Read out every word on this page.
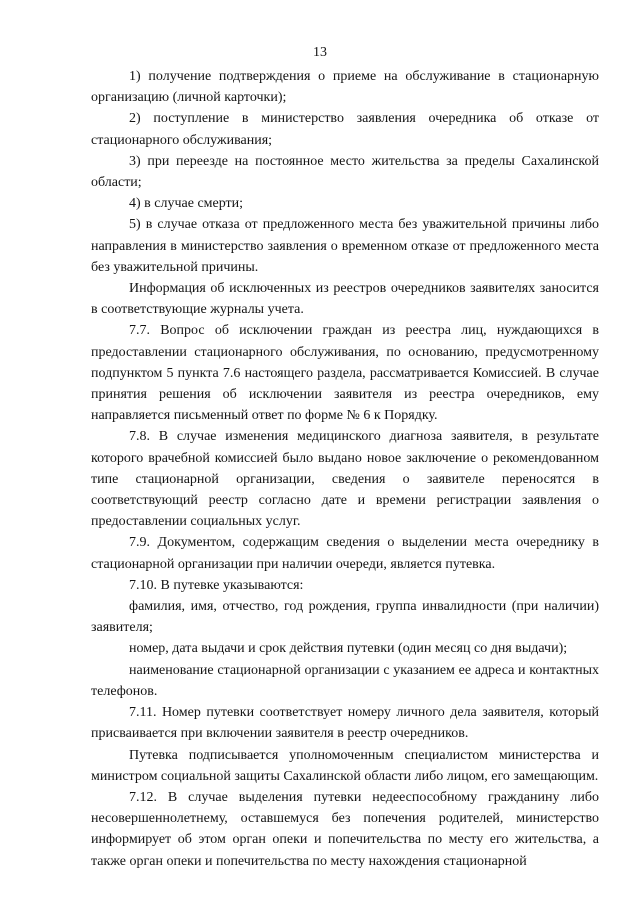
13

1) получение подтверждения о приеме на обслуживание в стационарную организацию (личной карточки);

2) поступление в министерство заявления очередника об отказе от стационарного обслуживания;

3) при переезде на постоянное место жительства за пределы Сахалинской области;

4) в случае смерти;

5) в случае отказа от предложенного места без уважительной причины либо направления в министерство заявления о временном отказе от предложенного места без уважительной причины.

Информация об исключенных из реестров очередников заявителях заносится в соответствующие журналы учета.

7.7. Вопрос об исключении граждан из реестра лиц, нуждающихся в предоставлении стационарного обслуживания, по основанию, предусмотренному подпунктом 5 пункта 7.6 настоящего раздела, рассматривается Комиссией. В случае принятия решения об исключении заявителя из реестра очередников, ему направляется письменный ответ по форме № 6 к Порядку.

7.8. В случае изменения медицинского диагноза заявителя, в результате которого врачебной комиссией было выдано новое заключение о рекомендованном типе стационарной организации, сведения о заявителе переносятся в соответствующий реестр согласно дате и времени регистрации заявления о предоставлении социальных услуг.

7.9. Документом, содержащим сведения о выделении места очереднику в стационарной организации при наличии очереди, является путевка.

7.10. В путевке указываются:

фамилия, имя, отчество, год рождения, группа инвалидности (при наличии) заявителя;

номер, дата выдачи и срок действия путевки (один месяц со дня выдачи);

наименование стационарной организации с указанием ее адреса и контактных телефонов.

7.11. Номер путевки соответствует номеру личного дела заявителя, который присваивается при включении заявителя в реестр очередников.

Путевка подписывается уполномоченным специалистом министерства и министром социальной защиты Сахалинской области либо лицом, его замещающим.

7.12. В случае выделения путевки недееспособному гражданину либо несовершеннолетнему, оставшемуся без попечения родителей, министерство информирует об этом орган опеки и попечительства по месту его жительства, а также орган опеки и попечительства по месту нахождения стационарной
